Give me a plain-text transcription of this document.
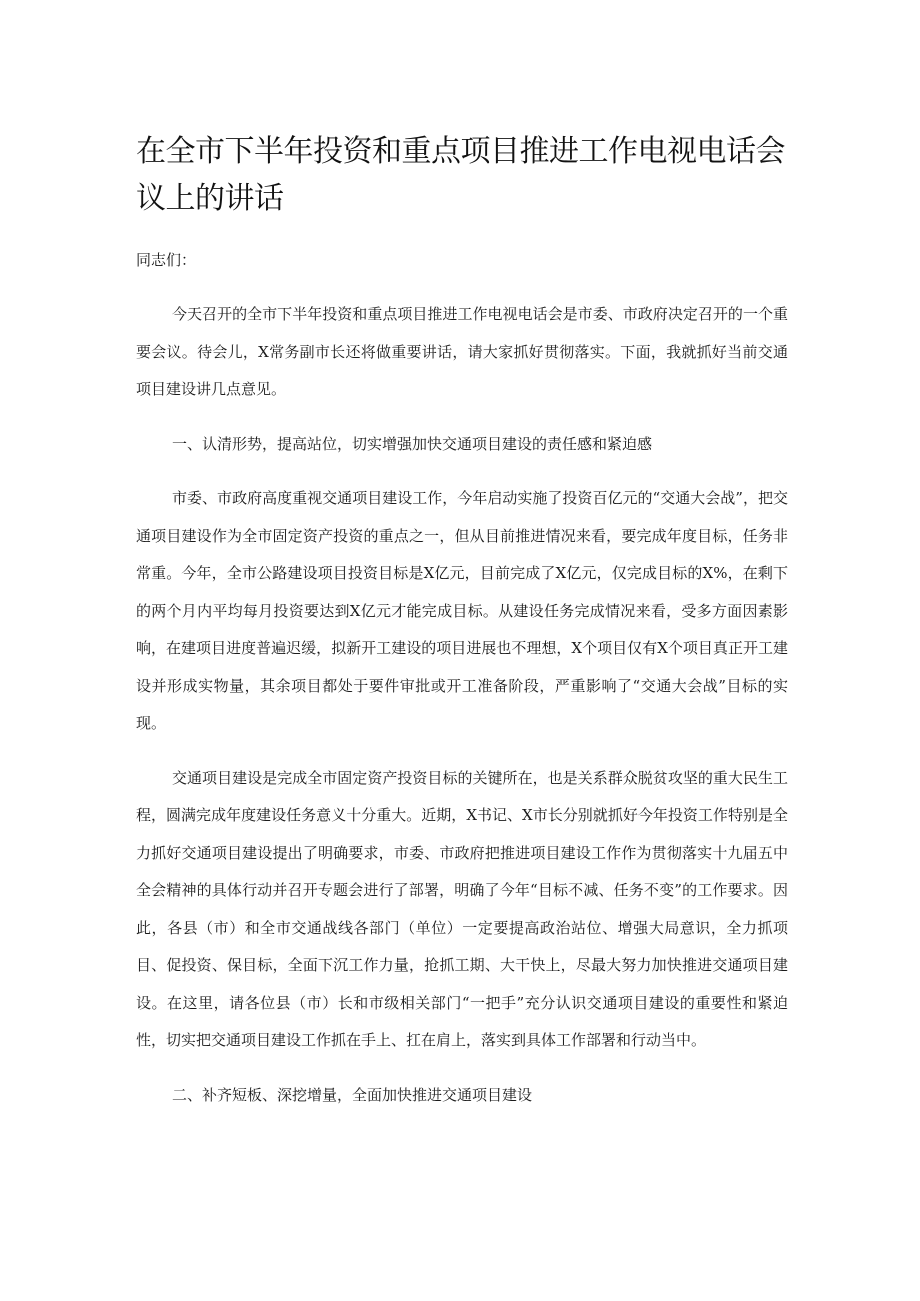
在全市下半年投资和重点项目推进工作电视电话会议上的讲话

同志们：

今天召开的全市下半年投资和重点项目推进工作电视电话会是市委、市政府决定召开的一个重要会议。待会儿，X常务副市长还将做重要讲话，请大家抓好贯彻落实。下面，我就抓好当前交通项目建设讲几点意见。

一、认清形势，提高站位，切实增强加快交通项目建设的责任感和紧迫感

市委、市政府高度重视交通项目建设工作，今年启动实施了投资百亿元的“交通大会战”，把交通项目建设作为全市固定资产投资的重点之一，但从目前推进情况来看，要完成年度目标，任务非常重。今年，全市公路建设项目投资目标是X亿元，目前完成了X亿元，仅完成目标的X%，在剩下的两个月内平均每月投资要达到X亿元才能完成目标。从建设任务完成情况来看，受多方面因素影响，在建项目进度普遍迟缓，拟新开工建设的项目进展也不理想，X个项目仅有X个项目真正开工建设并形成实物量，其余项目都处于要件审批或开工准备阶段，严重影响了“交通大会战”目标的实现。

交通项目建设是完成全市固定资产投资目标的关键所在，也是关系群众脱贫攻坚的重大民生工程，圆满完成年度建设任务意义十分重大。近期，X书记、X市长分别就抓好今年投资工作特别是全力抓好交通项目建设提出了明确要求，市委、市政府把推进项目建设工作作为贯彻落实十九届五中全会精神的具体行动并召开专题会进行了部署，明确了今年“目标不减、任务不变”的工作要求。因此，各县（市）和全市交通战线各部门（单位）一定要提高政治站位、增强大局意识，全力抓项目、促投资、保目标，全面下沉工作力量，抢抓工期、大干快上，尽最大努力加快推进交通项目建设。在这里，请各位县（市）长和市级相关部门“一把手”充分认识交通项目建设的重要性和紧迫性，切实把交通项目建设工作抓在手上、扛在肩上，落实到具体工作部署和行动当中。

二、补齐短板、深挖增量，全面加快推进交通项目建设
